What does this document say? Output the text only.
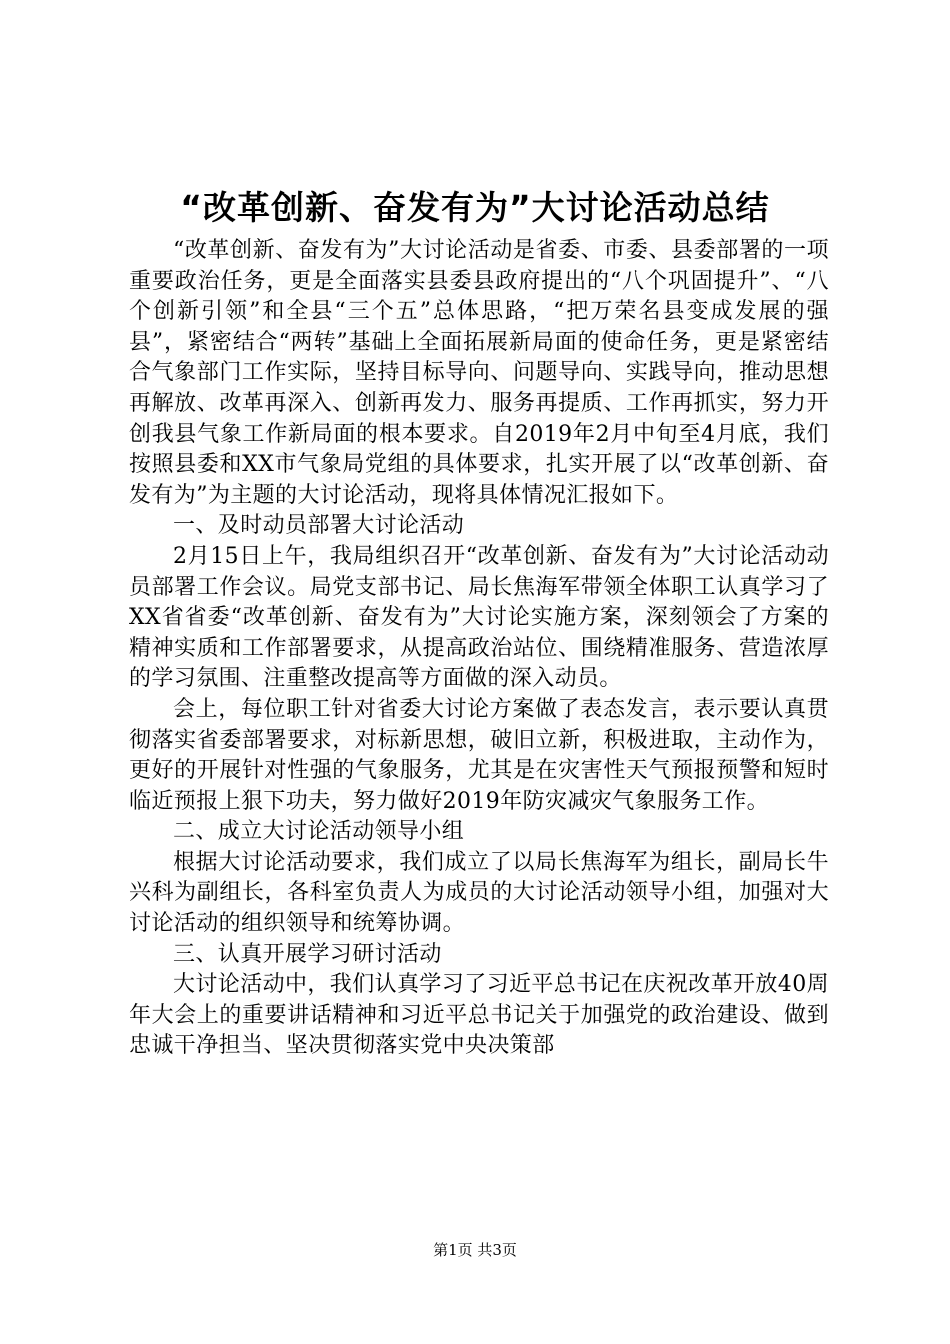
“改革创新、奋发有为”大讨论活动总结

“改革创新、奋发有为”大讨论活动是省委、市委、县委部署的一项重要政治任务，更是全面落实县委县政府提出的“八个巩固提升”、“八个创新引领”和全县“三个五”总体思路，“把万荣名县变成发展的强县”，紧密结合“两转”基础上全面拓展新局面的使命任务，更是紧密结合气象部门工作实际，坚持目标导向、问题导向、实践导向，推动思想再解放、改革再深入、创新再发力、服务再提质、工作再抓实，努力开创我县气象工作新局面的根本要求。自2019年2月中旬至4月底，我们按照县委和XX市气象局党组的具体要求，扎实开展了以“改革创新、奋发有为”为主题的大讨论活动，现将具体情况汇报如下。

一、及时动员部署大讨论活动

2月15日上午，我局组织召开“改革创新、奋发有为”大讨论活动动员部署工作会议。局党支部书记、局长焦海军带领全体职工认真学习了XX省省委“改革创新、奋发有为”大讨论实施方案，深刻领会了方案的精神实质和工作部署要求，从提高政治站位、围绕精准服务、营造浓厚的学习氛围、注重整改提高等方面做的深入动员。

会上，每位职工针对省委大讨论方案做了表态发言，表示要认真贯彻落实省委部署要求，对标新思想，破旧立新，积极进取，主动作为，更好的开展针对性强的气象服务，尤其是在灾害性天气预报预警和短时临近预报上狠下功夫，努力做好2019年防灾减灾气象服务工作。

二、成立大讨论活动领导小组

根据大讨论活动要求，我们成立了以局长焦海军为组长，副局长牛兴科为副组长，各科室负责人为成员的大讨论活动领导小组，加强对大讨论活动的组织领导和统筹协调。

三、认真开展学习研讨活动

大讨论活动中，我们认真学习了习近平总书记在庆祝改革开放40周年大会上的重要讲话精神和习近平总书记关于加强党的政治建设、做到忠诚干净担当、坚决贯彻落实党中央决策部

第1页 共3页
